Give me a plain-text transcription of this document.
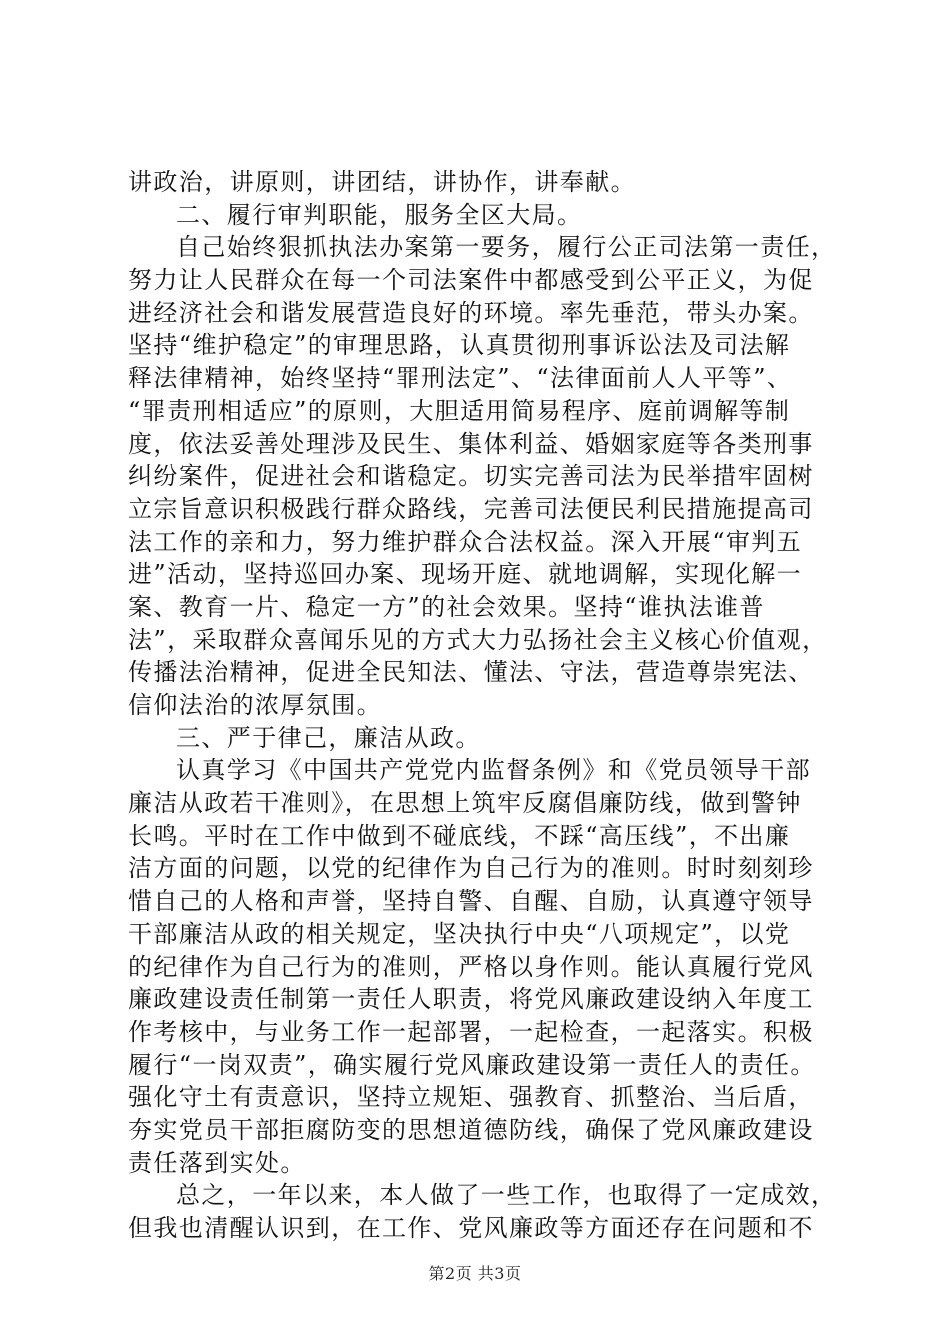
讲政治，讲原则，讲团结，讲协作，讲奉献。
二、履行审判职能，服务全区大局。
自己始终狠抓执法办案第一要务，履行公正司法第一责任，
努力让人民群众在每一个司法案件中都感受到公平正义，为促
进经济社会和谐发展营造良好的环境。率先垂范，带头办案。
坚持“维护稳定”的审理思路，认真贯彻刑事诉讼法及司法解
释法律精神，始终坚持“罪刑法定”、“法律面前人人平等”、
“罪责刑相适应”的原则，大胆适用简易程序、庭前调解等制
度，依法妥善处理涉及民生、集体利益、婚姻家庭等各类刑事
纠纷案件，促进社会和谐稳定。切实完善司法为民举措牢固树
立宗旨意识积极践行群众路线，完善司法便民利民措施提高司
法工作的亲和力，努力维护群众合法权益。深入开展“审判五
进”活动，坚持巡回办案、现场开庭、就地调解，实现化解一
案、教育一片、稳定一方”的社会效果。坚持“谁执法谁普
法”，采取群众喜闻乐见的方式大力弘扬社会主义核心价值观，
传播法治精神，促进全民知法、懂法、守法，营造尊崇宪法、
信仰法治的浓厚氛围。
三、严于律己，廉洁从政。
认真学习《中国共产党党内监督条例》和《党员领导干部
廉洁从政若干准则》，在思想上筑牢反腐倡廉防线，做到警钟
长鸣。平时在工作中做到不碰底线，不踩“高压线”，不出廉
洁方面的问题，以党的纪律作为自己行为的准则。时时刻刻珍
惜自己的人格和声誉，坚持自警、自醒、自励，认真遵守领导
干部廉洁从政的相关规定，坚决执行中央“八项规定”，以党
的纪律作为自己行为的准则，严格以身作则。能认真履行党风
廉政建设责任制第一责任人职责，将党风廉政建设纳入年度工
作考核中，与业务工作一起部署，一起检查，一起落实。积极
履行“一岗双责”，确实履行党风廉政建设第一责任人的责任。
强化守土有责意识，坚持立规矩、强教育、抓整治、当后盾，
夯实党员干部拒腐防变的思想道德防线，确保了党风廉政建设
责任落到实处。
总之，一年以来，本人做了一些工作，也取得了一定成效，
但我也清醒认识到，在工作、党风廉政等方面还存在问题和不
第2页 共3页
